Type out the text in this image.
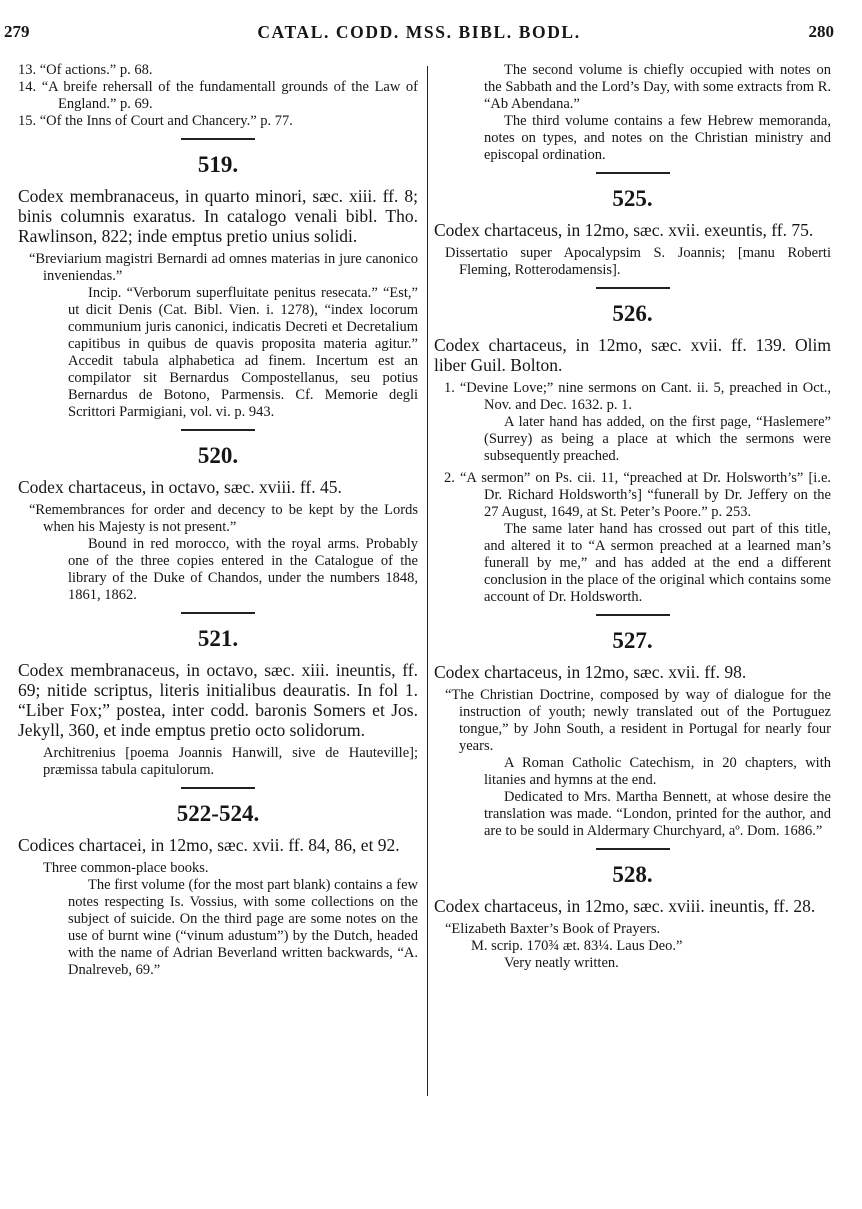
279	CATAL. CODD. MSS. BIBL. BODL.	280
13. “Of actions.” p. 68.
14. “A breife rehersall of the fundamentall grounds of the Law of England.” p. 69.
15. “Of the Inns of Court and Chancery.” p. 77.
519.
Codex membranaceus, in quarto minori, sæc. xiii. ff. 8; binis columnis exaratus. In catalogo venali bibl. Tho. Rawlinson, 822; inde emptus pretio unius solidi.
“Breviarium magistri Bernardi ad omnes materias in jure canonico inveniendas.”
Incip. “Verborum superfluitate penitus resecata.” “Est,” ut dicit Denis (Cat. Bibl. Vien. i. 1278), “index locorum communium juris canonici, indicatis Decreti et Decretalium capitibus in quibus de quavis proposita materia agitur.” Accedit tabula alphabetica ad finem. Incertum est an compilator sit Bernardus Compostellanus, seu potius Bernardus de Botono, Parmensis. Cf. Memorie degli Scrittori Parmigiani, vol. vi. p. 943.
520.
Codex chartaceus, in octavo, sæc. xviii. ff. 45.
“Remembrances for order and decency to be kept by the Lords when his Majesty is not present.”
Bound in red morocco, with the royal arms. Probably one of the three copies entered in the Catalogue of the library of the Duke of Chandos, under the numbers 1848, 1861, 1862.
521.
Codex membranaceus, in octavo, sæc. xiii. ineuntis, ff. 69; nitide scriptus, literis initialibus deauratis. In fol 1. “Liber Fox;” postea, inter codd. baronis Somers et Jos. Jekyll, 360, et inde emptus pretio octo solidorum.
Architrenius [poema Joannis Hanwill, sive de Hauteville]; præmissa tabula capitulorum.
522-524.
Codices chartacei, in 12mo, sæc. xvii. ff. 84, 86, et 92.
Three common-place books.
The first volume (for the most part blank) contains a few notes respecting Is. Vossius, with some collections on the subject of suicide. On the third page are some notes on the use of burnt wine (“vinum adustum”) by the Dutch, headed with the name of Adrian Beverland written backwards, “A. Dnalreveb, 69.”
The second volume is chiefly occupied with notes on the Sabbath and the Lord’s Day, with some extracts from R. “Ab Abendana.”
The third volume contains a few Hebrew memoranda, notes on types, and notes on the Christian ministry and episcopal ordination.
525.
Codex chartaceus, in 12mo, sæc. xvii. exeuntis, ff. 75.
Dissertatio super Apocalypsim S. Joannis; [manu Roberti Fleming, Rotterodamensis].
526.
Codex chartaceus, in 12mo, sæc. xvii. ff. 139. Olim liber Guil. Bolton.
1. “Devine Love;” nine sermons on Cant. ii. 5, preached in Oct., Nov. and Dec. 1632. p. 1.
A later hand has added, on the first page, “Haslemere” (Surrey) as being a place at which the sermons were subsequently preached.
2. “A sermon” on Ps. cii. 11, “preached at Dr. Holsworth’s” [i.e. Dr. Richard Holdsworth’s] “funerall by Dr. Jeffery on the 27 August, 1649, at St. Peter’s Poore.” p. 253.
The same later hand has crossed out part of this title, and altered it to “A sermon preached at a learned man’s funerall by me,” and has added at the end a different conclusion in the place of the original which contains some account of Dr. Holdsworth.
527.
Codex chartaceus, in 12mo, sæc. xvii. ff. 98.
“The Christian Doctrine, composed by way of dialogue for the instruction of youth; newly translated out of the Portuguez tongue,” by John South, a resident in Portugal for nearly four years.
A Roman Catholic Catechism, in 20 chapters, with litanies and hymns at the end.
Dedicated to Mrs. Martha Bennett, at whose desire the translation was made. “London, printed for the author, and are to be sould in Aldermary Churchyard, aº. Dom. 1686.”
528.
Codex chartaceus, in 12mo, sæc. xviii. ineuntis, ff. 28.
“Elizabeth Baxter’s Book of Prayers.
M. scrip. 170¾ æt. 83¼. Laus Deo.”
Very neatly written.
